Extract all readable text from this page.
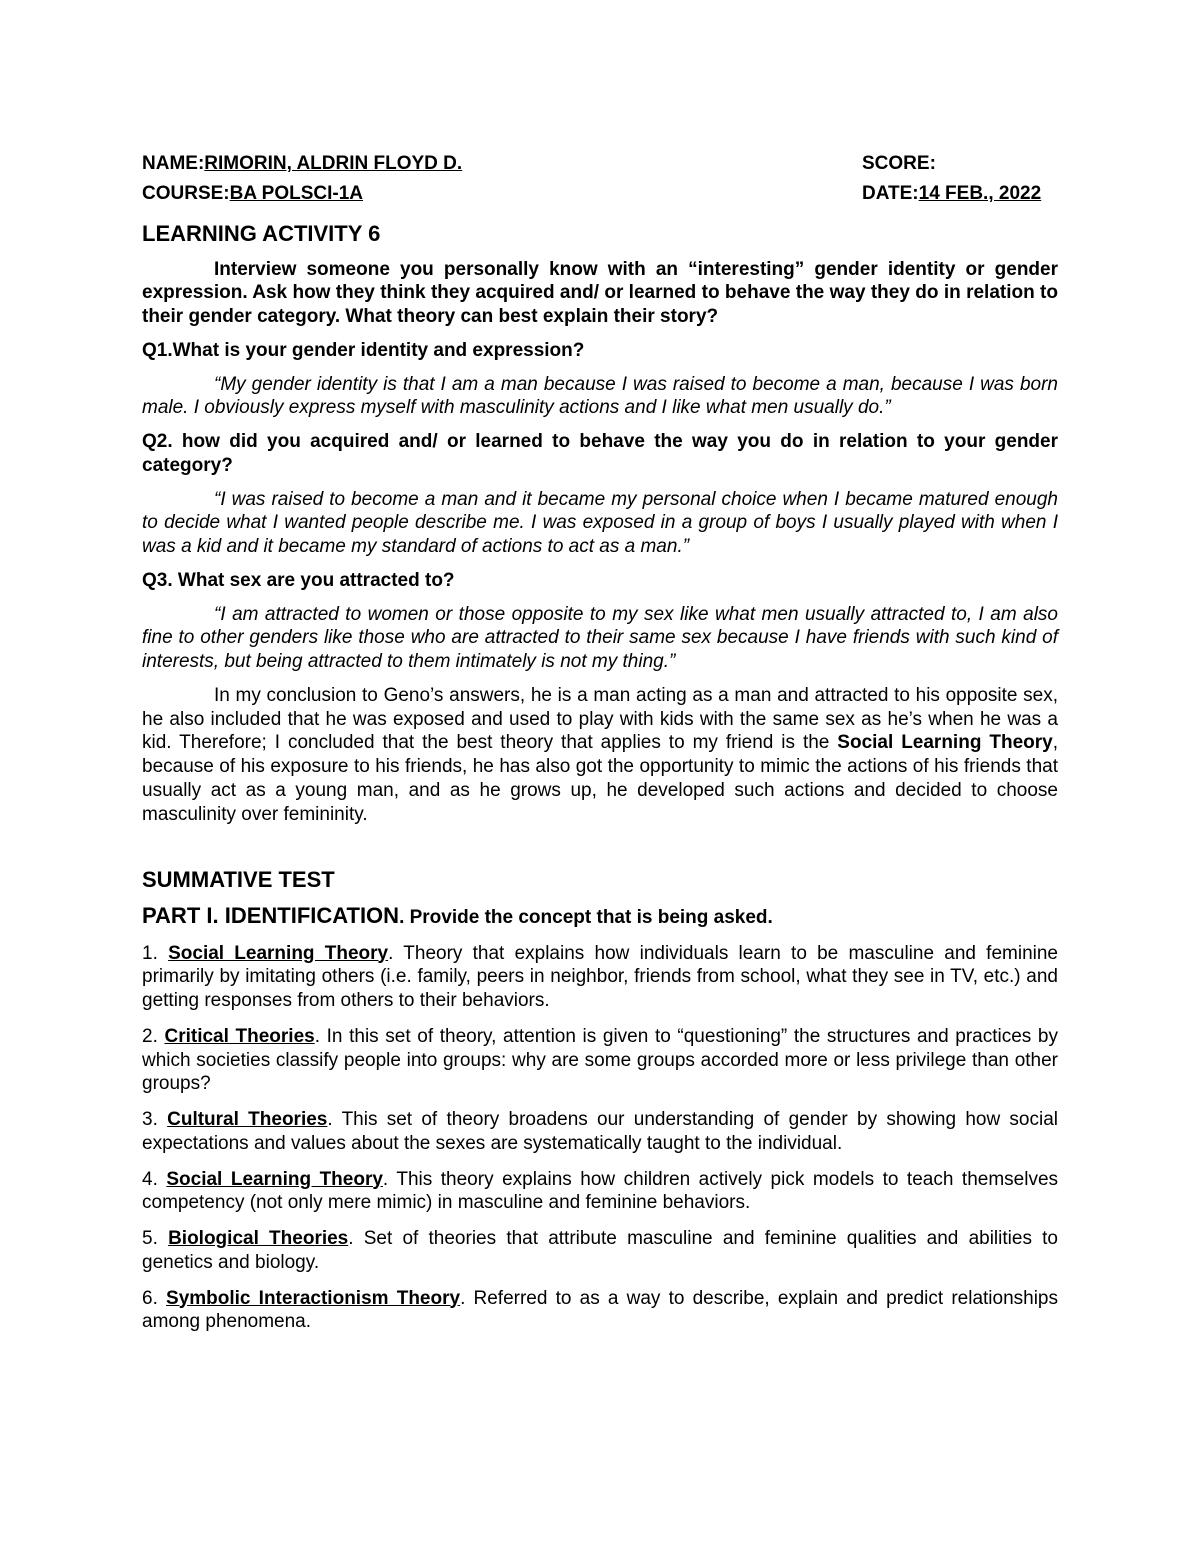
NAME:RIMORIN, ALDRIN FLOYD D.	SCORE:
COURSE:BA POLSCI-1A	DATE:14 FEB., 2022
LEARNING ACTIVITY 6

Interview someone you personally know with an “interesting” gender identity or gender expression. Ask how they think they acquired and/ or learned to behave the way they do in relation to their gender category. What theory can best explain their story?

Q1.What is your gender identity and expression?

“My gender identity is that I am a man because I was raised to become a man, because I was born male. I obviously express myself with masculinity actions and I like what men usually do.”

Q2. how did you acquired and/ or learned to behave the way you do in relation to your gender category?

“I was raised to become a man and it became my personal choice when I became matured enough to decide what I wanted people describe me. I was exposed in a group of boys I usually played with when I was a kid and it became my standard of actions to act as a man.”

Q3. What sex are you attracted to?

“I am attracted to women or those opposite to my sex like what men usually attracted to, I am also fine to other genders like those who are attracted to their same sex because I have friends with such kind of interests, but being attracted to them intimately is not my thing.”

In my conclusion to Geno’s answers, he is a man acting as a man and attracted to his opposite sex, he also included that he was exposed and used to play with kids with the same sex as he’s when he was a kid. Therefore; I concluded that the best theory that applies to my friend is the Social Learning Theory, because of his exposure to his friends, he has also got the opportunity to mimic the actions of his friends that usually act as a young man, and as he grows up, he developed such actions and decided to choose masculinity over femininity.

SUMMATIVE TEST

PART I. IDENTIFICATION. Provide the concept that is being asked.

1. Social Learning Theory. Theory that explains how individuals learn to be masculine and feminine primarily by imitating others (i.e. family, peers in neighbor, friends from school, what they see in TV, etc.) and getting responses from others to their behaviors.

2. Critical Theories. In this set of theory, attention is given to “questioning” the structures and practices by which societies classify people into groups: why are some groups accorded more or less privilege than other groups?

3. Cultural Theories. This set of theory broadens our understanding of gender by showing how social expectations and values about the sexes are systematically taught to the individual.

4. Social Learning Theory. This theory explains how children actively pick models to teach themselves competency (not only mere mimic) in masculine and feminine behaviors.

5. Biological Theories. Set of theories that attribute masculine and feminine qualities and abilities to genetics and biology.

6. Symbolic Interactionism Theory. Referred to as a way to describe, explain and predict relationships among phenomena.
